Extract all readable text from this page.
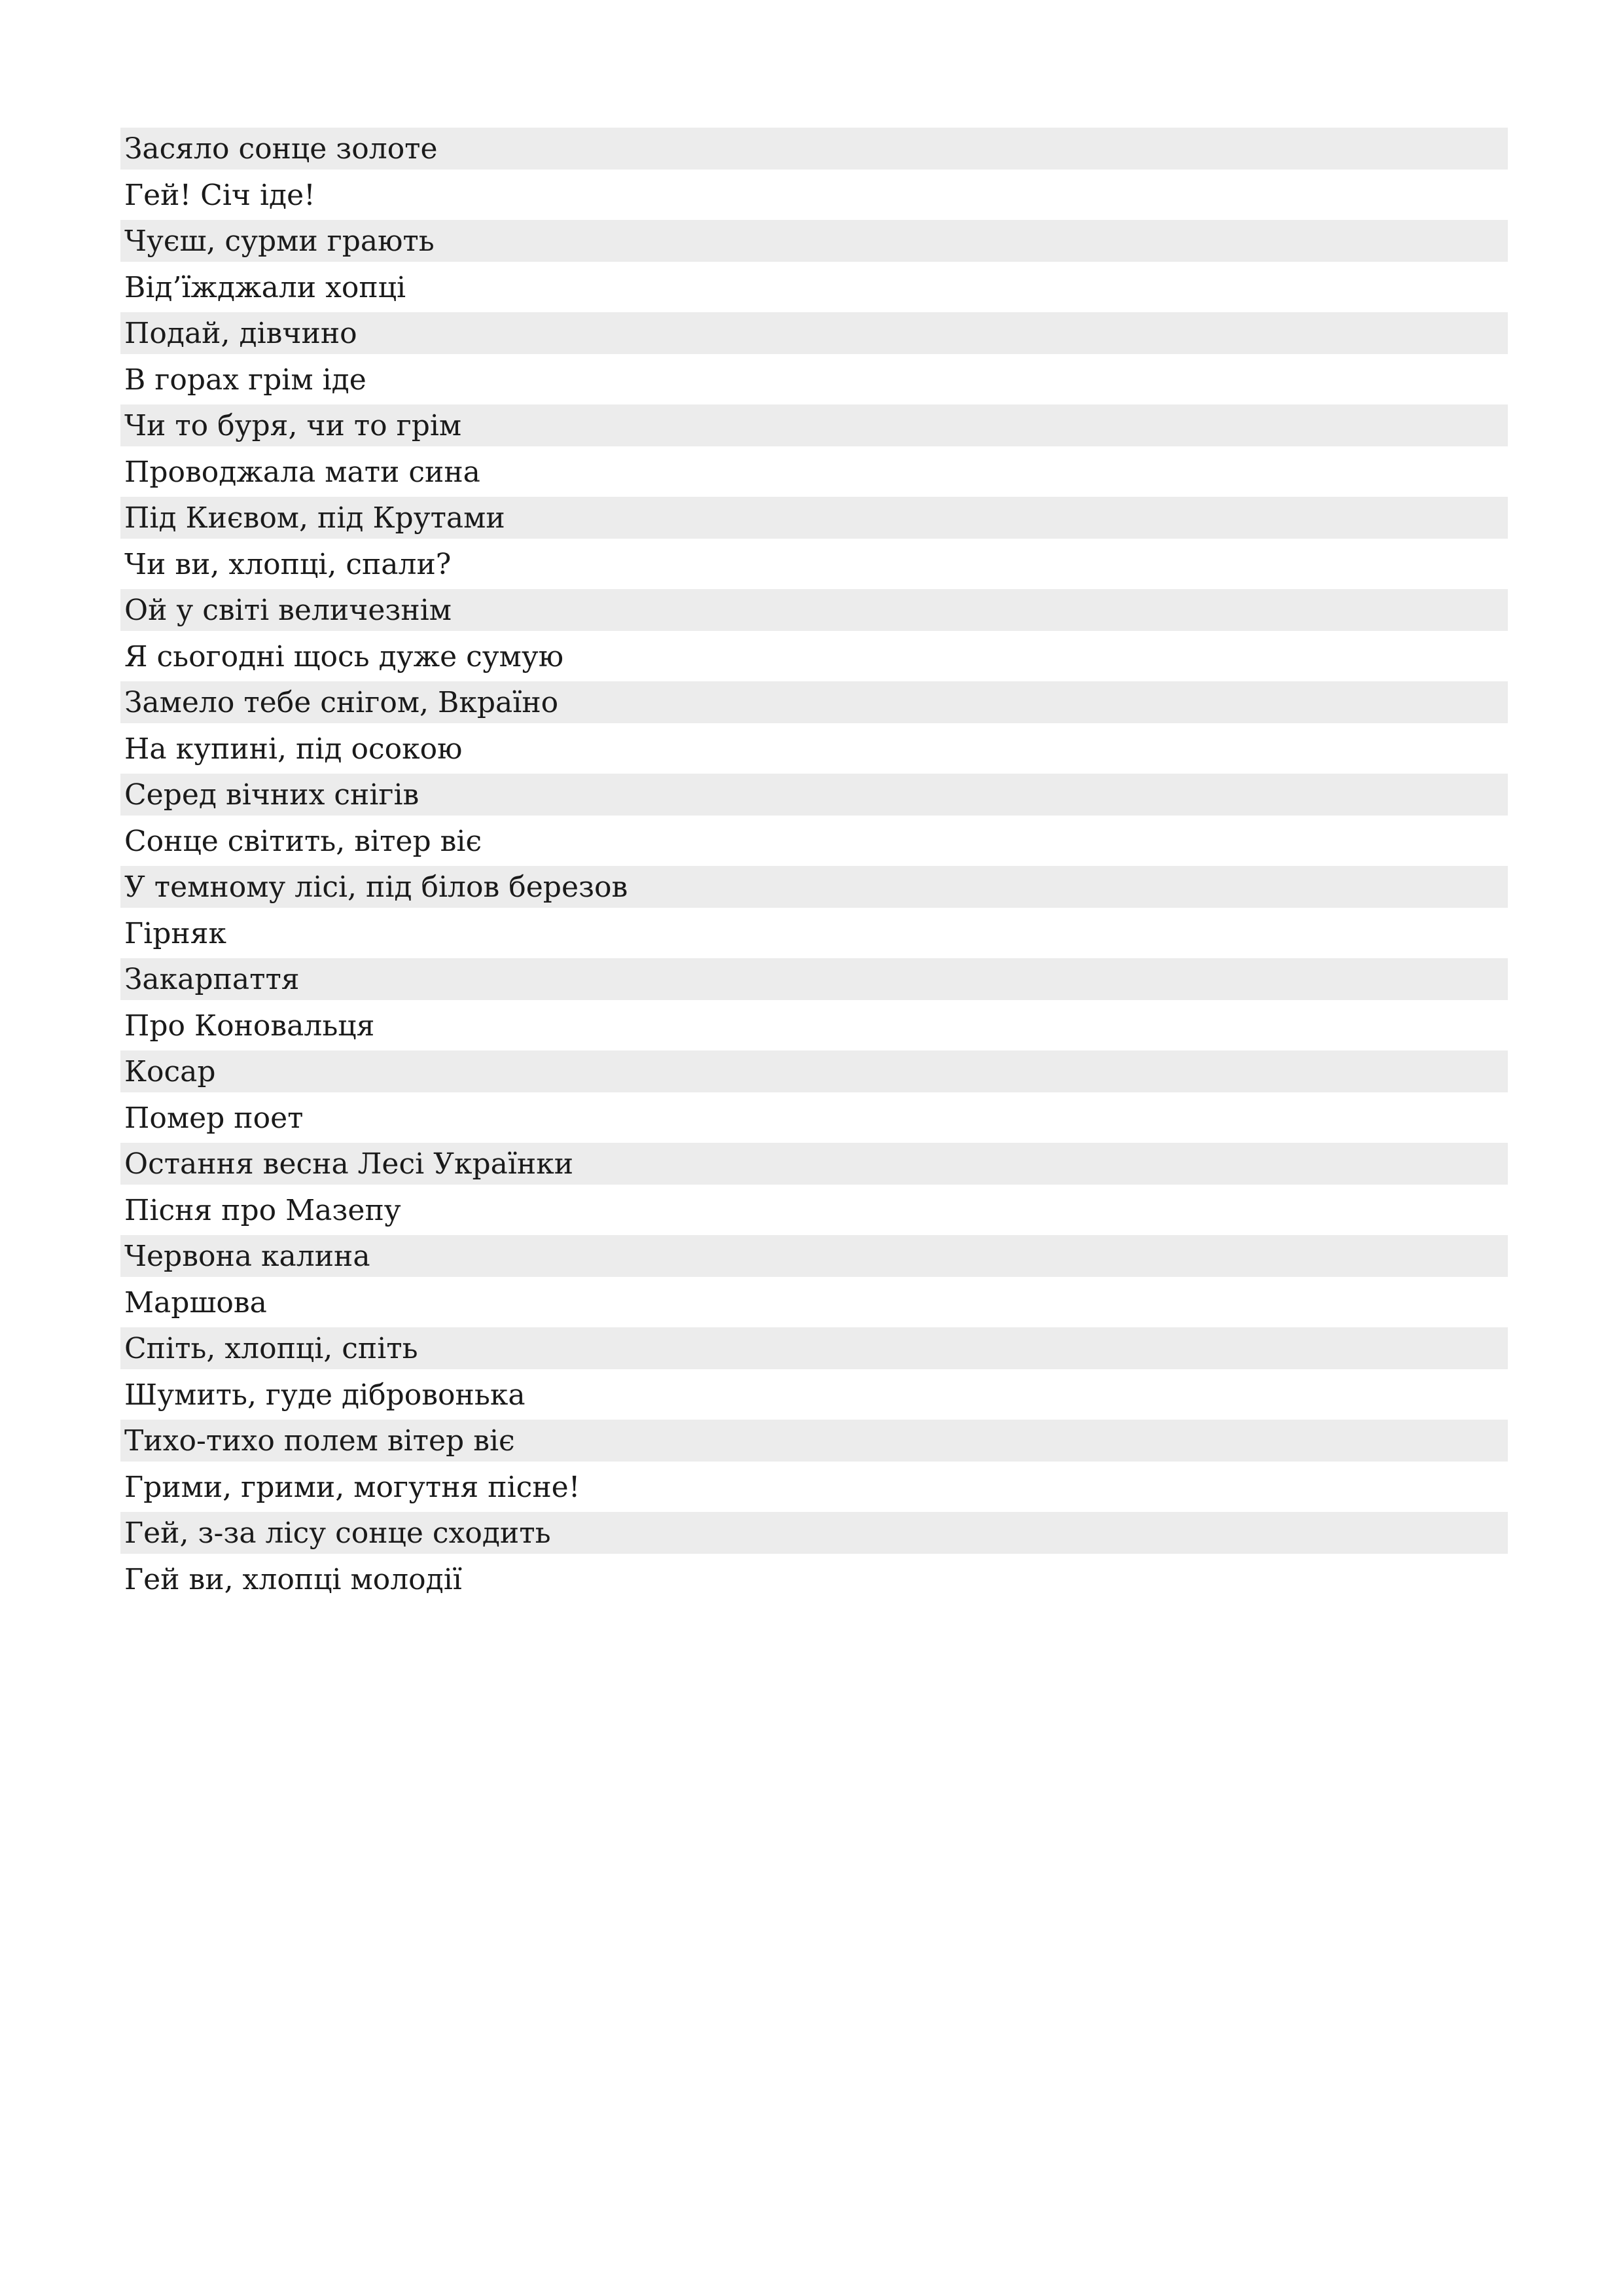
Засяло сонце золоте
Гей! Січ іде!
Чуєш, сурми грають
Від’їжджали хопці
Подай, дівчино
В горах грім іде
Чи то буря, чи то грім
Проводжала мати сина
Під Києвом, під Крутами
Чи ви, хлопці, спали?
Ой у світі величезнім
Я сьогодні щось дуже сумую
Замело тебе снігом, Вкраїно
На купині, під осокою
Серед вічних снігів
Сонце світить, вітер віє
У темному лісі, під білов березов
Гірняк
Закарпаття
Про Коновальця
Косар
Помер поет
Остання весна Лесі Українки
Пісня про Мазепу
Червона калина
Маршова
Спіть, хлопці, спіть
Шумить, гуде дібровонька
Тихо-тихо полем вітер віє
Грими, грими, могутня пісне!
Гей, з-за лісу сонце сходить
Гей ви, хлопці молодії
